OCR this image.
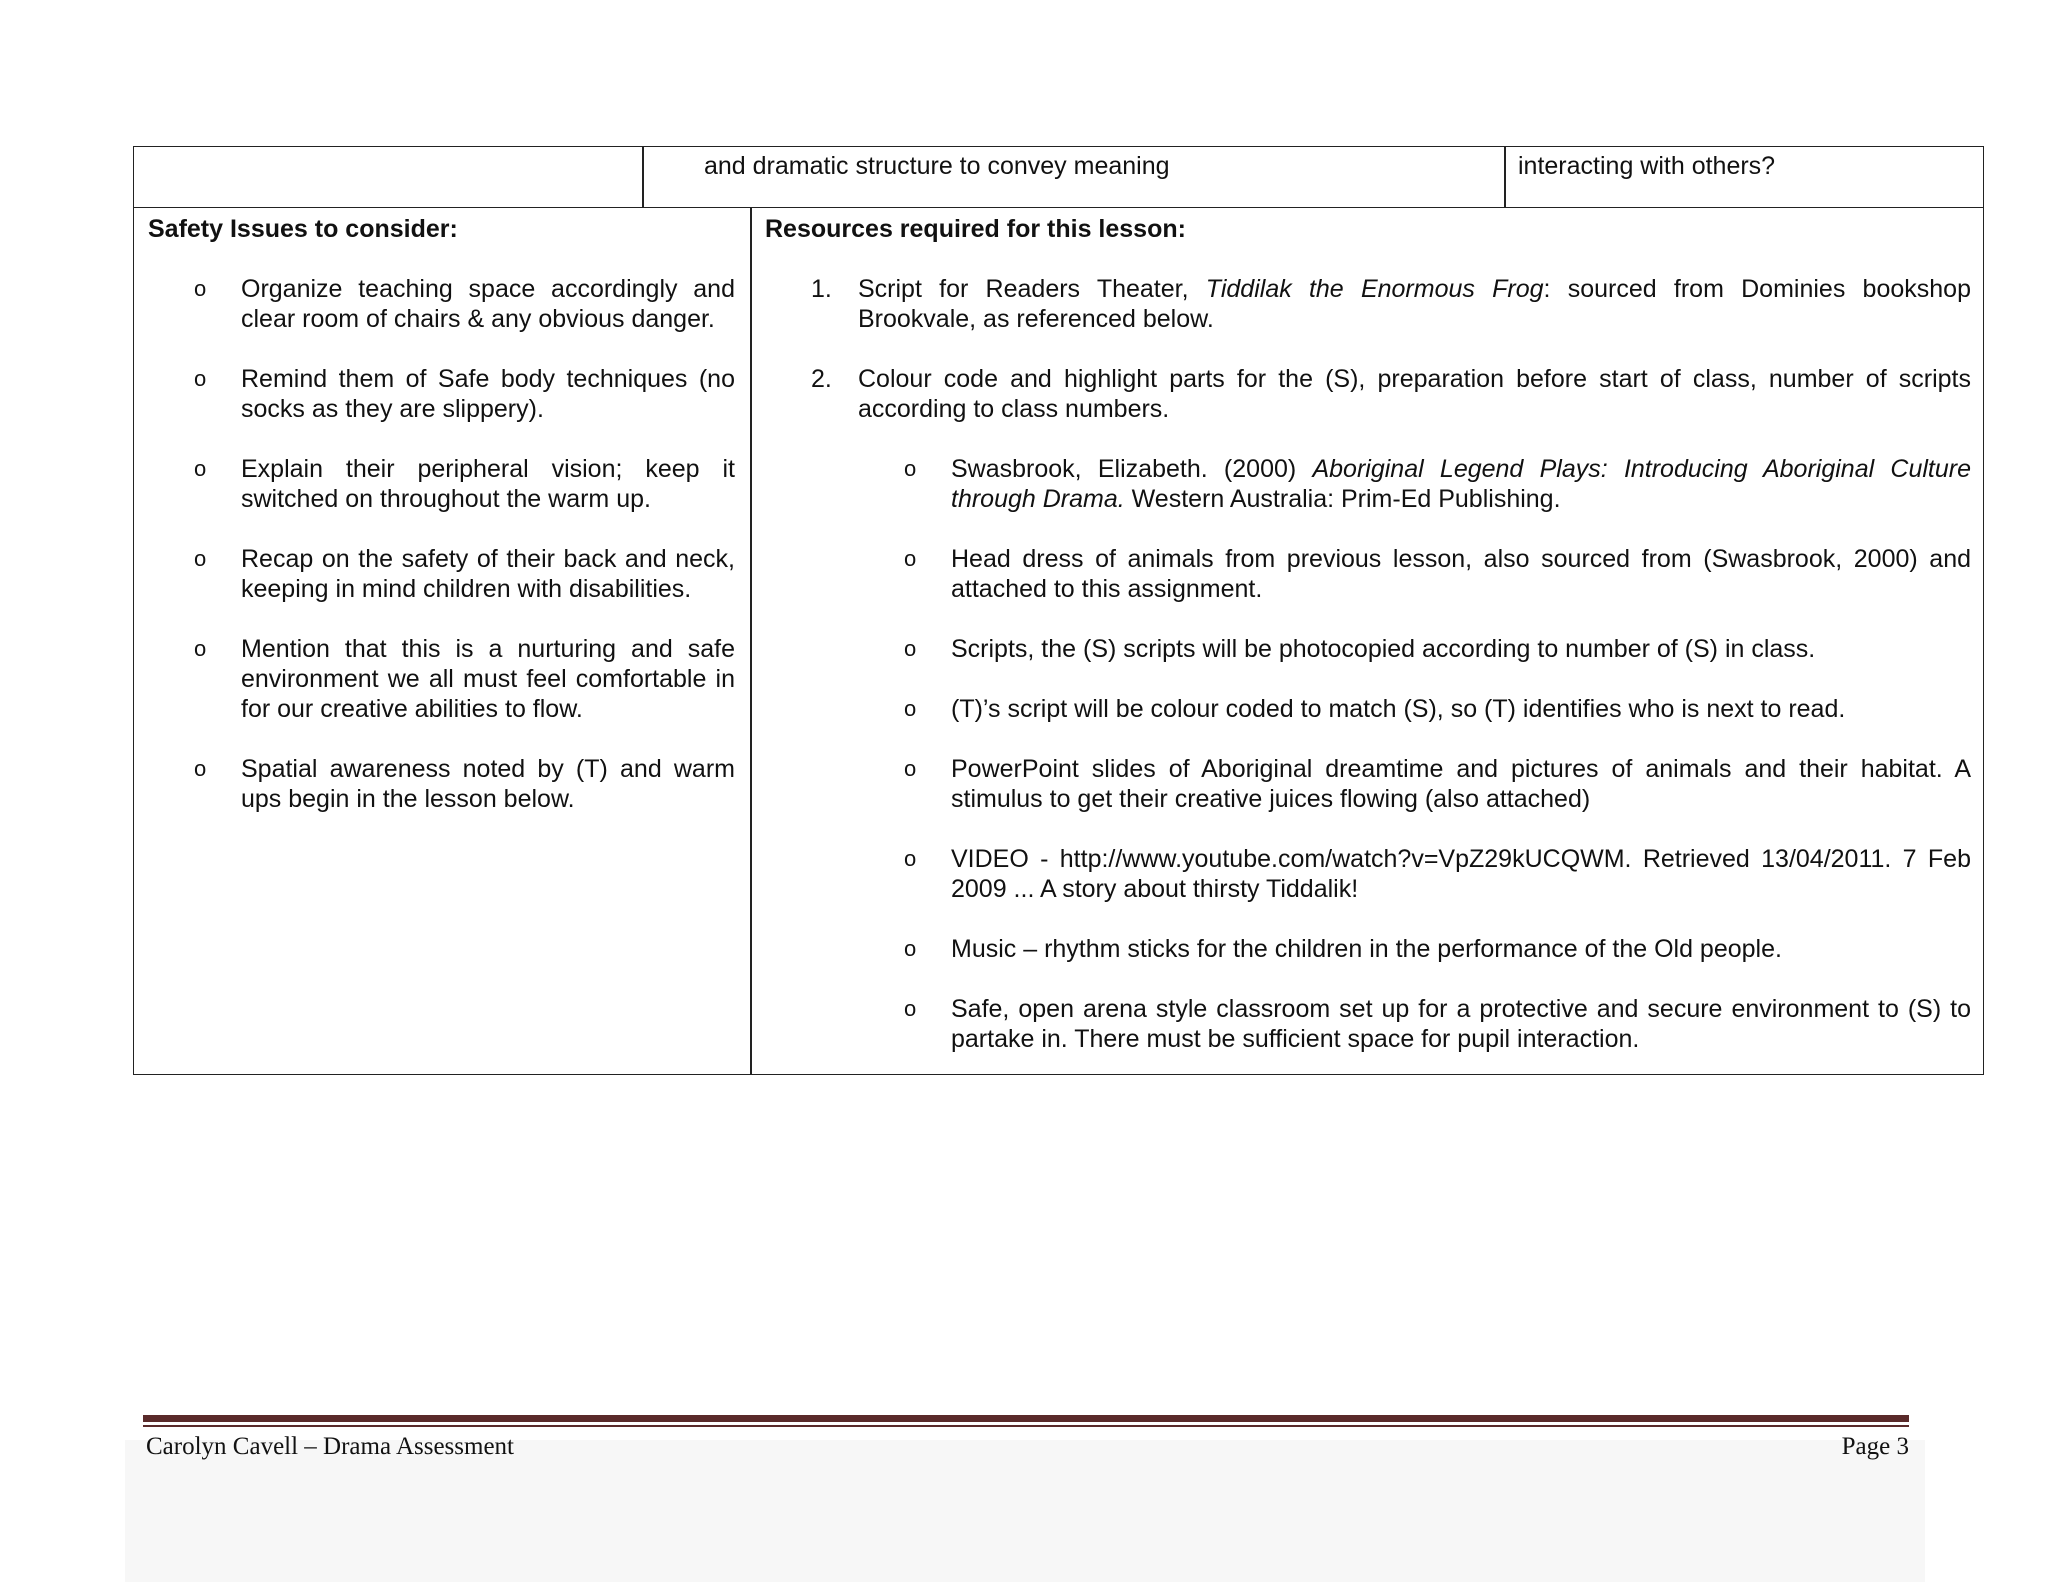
and dramatic structure to convey meaning	interacting with others?
Safety Issues to consider:
o Organize teaching space accordingly and clear room of chairs & any obvious danger.
o Remind them of Safe body techniques (no socks as they are slippery).
o Explain their peripheral vision; keep it switched on throughout the warm up.
o Recap on the safety of their back and neck, keeping in mind children with disabilities.
o Mention that this is a nurturing and safe environment we all must feel comfortable in for our creative abilities to flow.
o Spatial awareness noted by (T) and warm ups begin in the lesson below.
Resources required for this lesson:
1. Script for Readers Theater, Tiddilak the Enormous Frog: sourced from Dominies bookshop Brookvale, as referenced below.
2. Colour code and highlight parts for the (S), preparation before start of class, number of scripts according to class numbers.
o Swasbrook, Elizabeth. (2000) Aboriginal Legend Plays: Introducing Aboriginal Culture through Drama. Western Australia: Prim-Ed Publishing.
o Head dress of animals from previous lesson, also sourced from (Swasbrook, 2000) and attached to this assignment.
o Scripts, the (S) scripts will be photocopied according to number of (S) in class.
o (T)’s script will be colour coded to match (S), so (T) identifies who is next to read.
o PowerPoint slides of Aboriginal dreamtime and pictures of animals and their habitat. A stimulus to get their creative juices flowing (also attached)
o VIDEO - http://www.youtube.com/watch?v=VpZ29kUCQWM. Retrieved 13/04/2011. 7 Feb 2009 ... A story about thirsty Tiddalik!
o Music – rhythm sticks for the children in the performance of the Old people.
o Safe, open arena style classroom set up for a protective and secure environment to (S) to partake in. There must be sufficient space for pupil interaction.
Carolyn Cavell – Drama Assessment	Page 3
